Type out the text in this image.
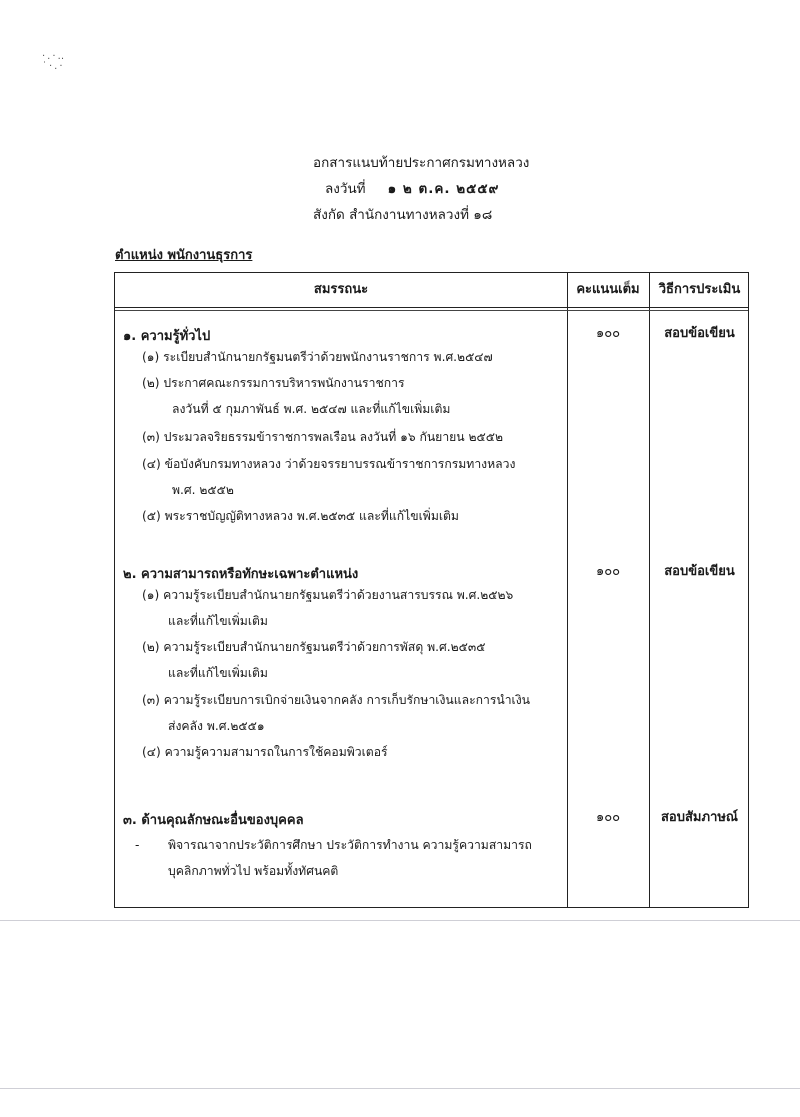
·.·‥
˙·.·
อกสารแนบท้ายประกาศกรมทางหลวง
ลงวันที่ ๑ ๒ ต.ค. ๒๕๕๙
สังกัด สำนักงานทางหลวงที่ ๑๘
ตำแหน่ง พนักงานธุรการ
สมรรถนะ	คะแนนเต็ม	วิธีการประเมิน
๑. ความรู้ทั่วไป	๑๐๐	สอบข้อเขียน
(๑) ระเบียบสำนักนายกรัฐมนตรีว่าด้วยพนักงานราชการ พ.ศ.๒๕๔๗
(๒) ประกาศคณะกรรมการบริหารพนักงานราชการ
ลงวันที่ ๕ กุมภาพันธ์ พ.ศ. ๒๕๔๗ และที่แก้ไขเพิ่มเติม
(๓) ประมวลจริยธรรมข้าราชการพลเรือน ลงวันที่ ๑๖ กันยายน ๒๕๕๒
(๔) ข้อบังคับกรมทางหลวง ว่าด้วยจรรยาบรรณข้าราชการกรมทางหลวง
พ.ศ. ๒๕๕๒
(๕) พระราชบัญญัติทางหลวง พ.ศ.๒๕๓๕ และที่แก้ไขเพิ่มเติม
๒. ความสามารถหรือทักษะเฉพาะตำแหน่ง	๑๐๐	สอบข้อเขียน
(๑) ความรู้ระเบียบสำนักนายกรัฐมนตรีว่าด้วยงานสารบรรณ พ.ศ.๒๕๒๖
และที่แก้ไขเพิ่มเติม
(๒) ความรู้ระเบียบสำนักนายกรัฐมนตรีว่าด้วยการพัสดุ พ.ศ.๒๕๓๕
และที่แก้ไขเพิ่มเติม
(๓) ความรู้ระเบียบการเบิกจ่ายเงินจากคลัง การเก็บรักษาเงินและการนำเงิน
ส่งคลัง พ.ศ.๒๕๕๑
(๔) ความรู้ความสามารถในการใช้คอมพิวเตอร์
๓. ด้านคุณลักษณะอื่นของบุคคล	๑๐๐	สอบสัมภาษณ์
- พิจารณาจากประวัติการศึกษา ประวัติการทำงาน ความรู้ความสามารถ
บุคลิกภาพทั่วไป พร้อมทั้งทัศนคติ
